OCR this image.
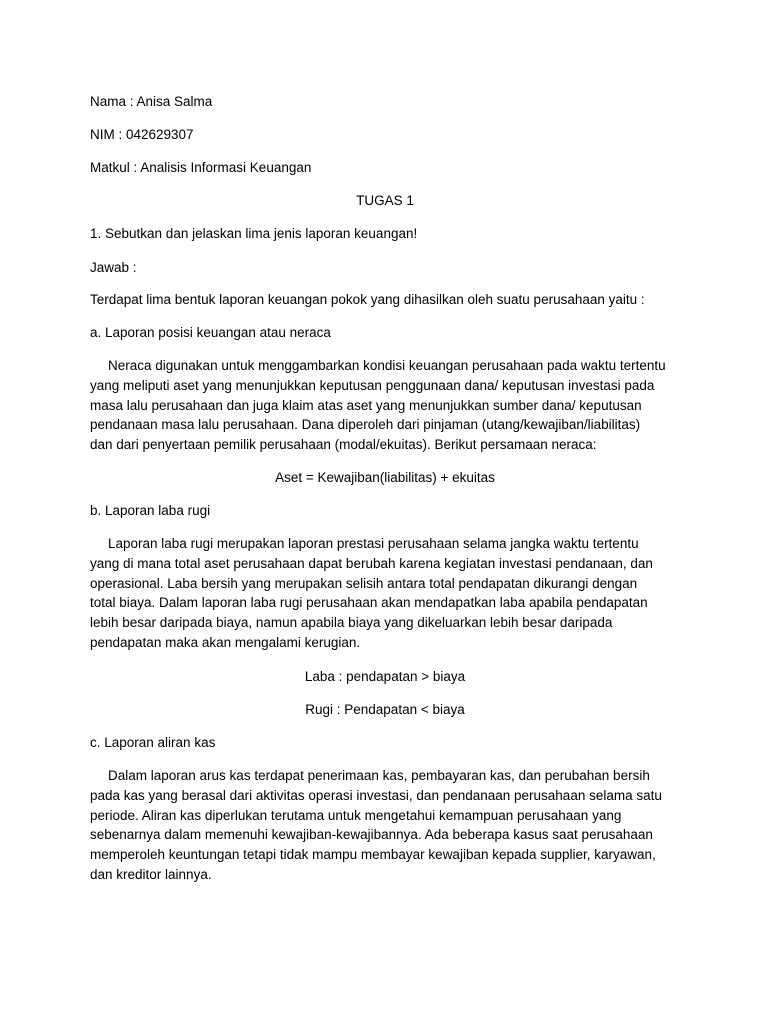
Nama : Anisa Salma
NIM : 042629307
Matkul : Analisis Informasi Keuangan
TUGAS 1
1. Sebutkan dan jelaskan lima jenis laporan keuangan!
Jawab :
Terdapat lima bentuk laporan keuangan pokok yang dihasilkan oleh suatu perusahaan yaitu :
a. Laporan posisi keuangan atau neraca
Neraca digunakan untuk menggambarkan kondisi keuangan perusahaan pada waktu tertentu
yang meliputi aset yang menunjukkan keputusan penggunaan dana/ keputusan investasi pada
masa lalu perusahaan dan juga klaim atas aset yang menunjukkan sumber dana/ keputusan
pendanaan masa lalu perusahaan. Dana diperoleh dari pinjaman (utang/kewajiban/liabilitas)
dan dari penyertaan pemilik perusahaan (modal/ekuitas). Berikut persamaan neraca:
Aset = Kewajiban(liabilitas) + ekuitas
b. Laporan laba rugi
Laporan laba rugi merupakan laporan prestasi perusahaan selama jangka waktu tertentu
yang di mana total aset perusahaan dapat berubah karena kegiatan investasi pendanaan, dan
operasional. Laba bersih yang merupakan selisih antara total pendapatan dikurangi dengan
total biaya. Dalam laporan laba rugi perusahaan akan mendapatkan laba apabila pendapatan
lebih besar daripada biaya, namun apabila biaya yang dikeluarkan lebih besar daripada
pendapatan maka akan mengalami kerugian.
Laba : pendapatan > biaya
Rugi : Pendapatan < biaya
c. Laporan aliran kas
Dalam laporan arus kas terdapat penerimaan kas, pembayaran kas, dan perubahan bersih
pada kas yang berasal dari aktivitas operasi investasi, dan pendanaan perusahaan selama satu
periode. Aliran kas diperlukan terutama untuk mengetahui kemampuan perusahaan yang
sebenarnya dalam memenuhi kewajiban-kewajibannya. Ada beberapa kasus saat perusahaan
memperoleh keuntungan tetapi tidak mampu membayar kewajiban kepada supplier, karyawan,
dan kreditor lainnya.
